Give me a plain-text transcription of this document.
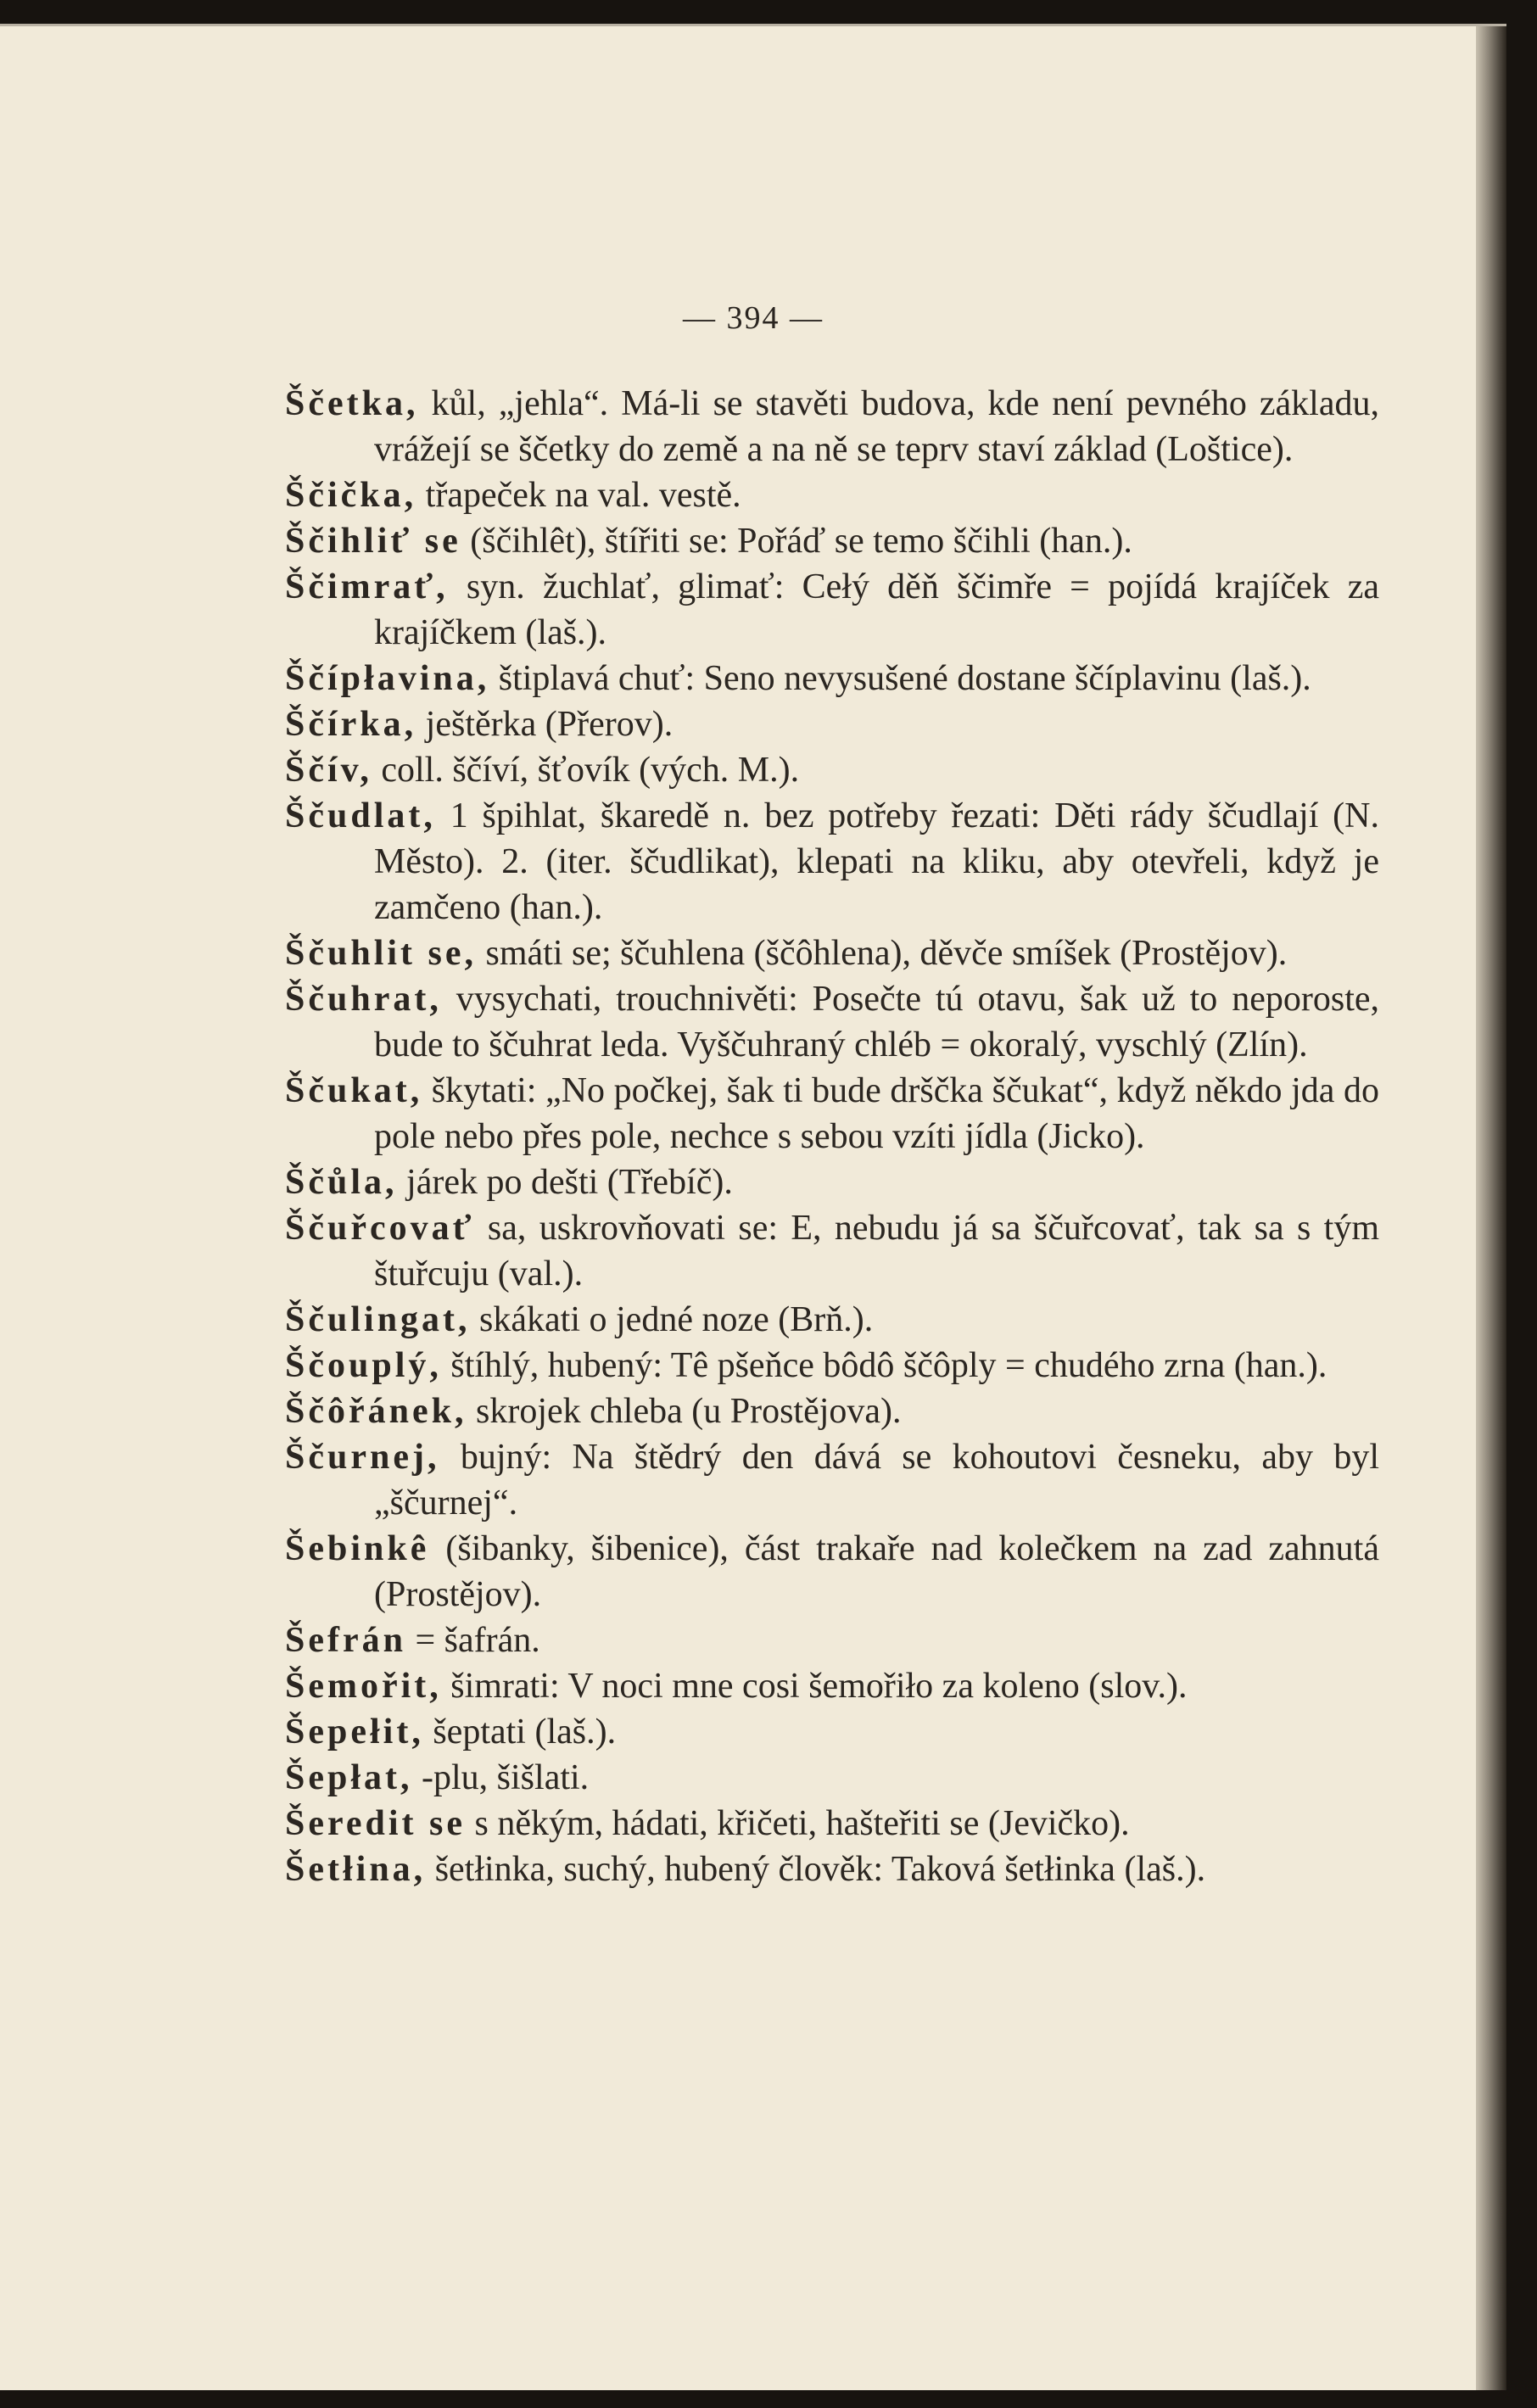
— 394 —

Ščetka, kůl, „jehla“. Má-li se stavěti budova, kde není pevného základu, vrážejí se ščetky do země a na ně se teprv staví základ (Loštice).

Ščička, třapeček na val. vestě.

Ščihliť se (ščihlêt), štířiti se: Pořáď se temo ščihli (han.).

Ščimrať, syn. žuchlať, glimať: Cełý děň ščimře = pojídá krajíček za krajíčkem (laš.).

Ščípłavina, štiplavá chuť: Seno nevysušené dostane ščíplavinu (laš.).

Ščírka, ještěrka (Přerov).

Ščív, coll. ščíví, šťovík (vých. M.).

Ščudlat, 1 špihlat, škaredě n. bez potřeby řezati: Děti rády ščudlají (N. Město). 2. (iter. ščudlikat), klepati na kliku, aby otevřeli, když je zamčeno (han.).

Ščuhlit se, smáti se; ščuhlena (ščôhlena), děvče smíšek (Prostějov).

Ščuhrat, vysychati, trouchnivěti: Posečte tú otavu, šak už to neporoste, bude to ščuhrat leda. Vyščuhraný chléb = okoralý, vyschlý (Zlín).

Ščukat, škytati: „No počkej, šak ti bude drščka ščukat“, když někdo jda do pole nebo přes pole, nechce s sebou vzíti jídla (Jicko).

Ščůla, járek po dešti (Třebíč).

Ščuřcovať sa, uskrovňovati se: E, nebudu já sa ščuřcovať, tak sa s tým štuřcuju (val.).

Ščulingat, skákati o jedné noze (Brň.).

Ščouplý, štíhlý, hubený: Tê pšeňce bôdô ščôply = chudého zrna (han.).

Ščôřánek, skrojek chleba (u Prostějova).

Ščurnej, bujný: Na štědrý den dává se kohoutovi česneku, aby byl „ščurnej“.

Šebinkê (šibanky, šibenice), část trakaře nad kolečkem na zad zahnutá (Prostějov).

Šefrán = šafrán.

Šemořit, šimrati: V noci mne cosi šemořiło za koleno (slov.).

Šepełit, šeptati (laš.).

Šepłat, -plu, šišlati.

Šeredit se s někým, hádati, křičeti, hašteřiti se (Jevičko).

Šetłina, šetłinka, suchý, hubený člověk: Taková šetłinka (laš.).
